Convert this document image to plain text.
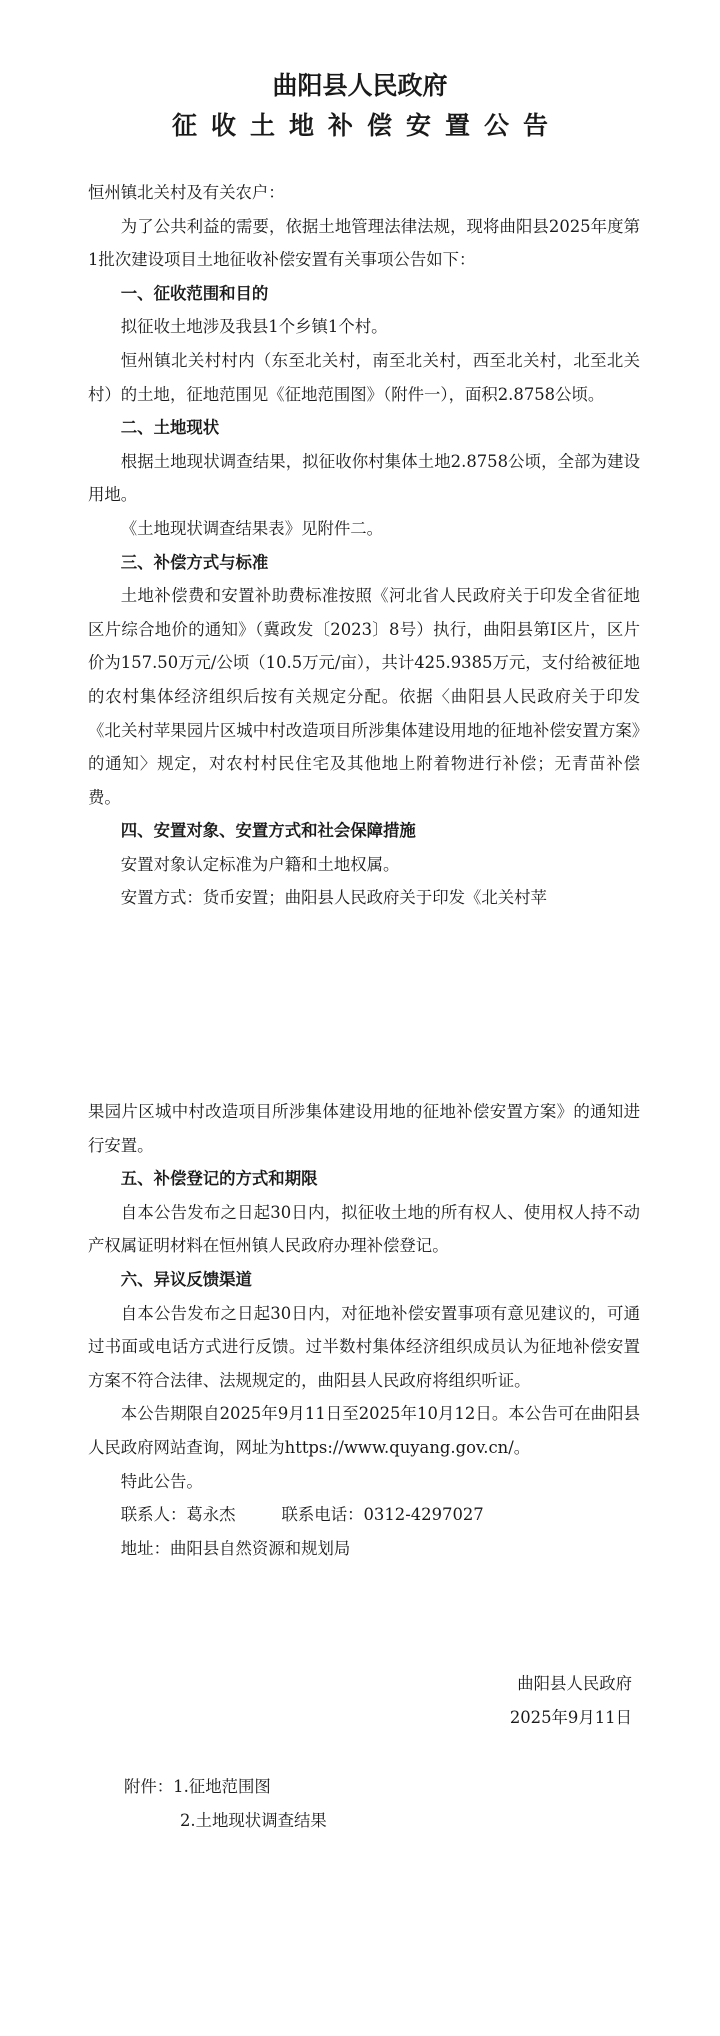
曲阳县人民政府
征收土地补偿安置公告

恒州镇北关村及有关农户：

为了公共利益的需要，依据土地管理法律法规，现将曲阳县2025年度第1批次建设项目土地征收补偿安置有关事项公告如下：

一、征收范围和目的

拟征收土地涉及我县1个乡镇1个村。

恒州镇北关村村内（东至北关村，南至北关村，西至北关村，北至北关村）的土地，征地范围见《征地范围图》（附件一），面积2.8758公顷。

二、土地现状

根据土地现状调查结果，拟征收你村集体土地2.8758公顷，全部为建设用地。

《土地现状调查结果表》见附件二。

三、补偿方式与标准

土地补偿费和安置补助费标准按照《河北省人民政府关于印发全省征地区片综合地价的通知》（冀政发〔2023〕8号）执行，曲阳县第Ⅰ区片，区片价为157.50万元/公顷（10.5万元/亩），共计425.9385万元，支付给被征地的农村集体经济组织后按有关规定分配。依据〈曲阳县人民政府关于印发《北关村苹果园片区城中村改造项目所涉集体建设用地的征地补偿安置方案》的通知〉规定，对农村村民住宅及其他地上附着物进行补偿；无青苗补偿费。

四、安置对象、安置方式和社会保障措施

安置对象认定标准为户籍和土地权属。

安置方式：货币安置；曲阳县人民政府关于印发《北关村苹

果园片区城中村改造项目所涉集体建设用地的征地补偿安置方案》的通知进行安置。

五、补偿登记的方式和期限

自本公告发布之日起30日内，拟征收土地的所有权人、使用权人持不动产权属证明材料在恒州镇人民政府办理补偿登记。

六、异议反馈渠道

自本公告发布之日起30日内，对征地补偿安置事项有意见建议的，可通过书面或电话方式进行反馈。过半数村集体经济组织成员认为征地补偿安置方案不符合法律、法规规定的，曲阳县人民政府将组织听证。

本公告期限自2025年9月11日至2025年10月12日。本公告可在曲阳县人民政府网站查询，网址为https://www.quyang.gov.cn/。

特此公告。

联系人：葛永杰	联系电话：0312-4297027

地址：曲阳县自然资源和规划局

曲阳县人民政府
2025年9月11日
附件：1.征地范围图
2.土地现状调查结果
